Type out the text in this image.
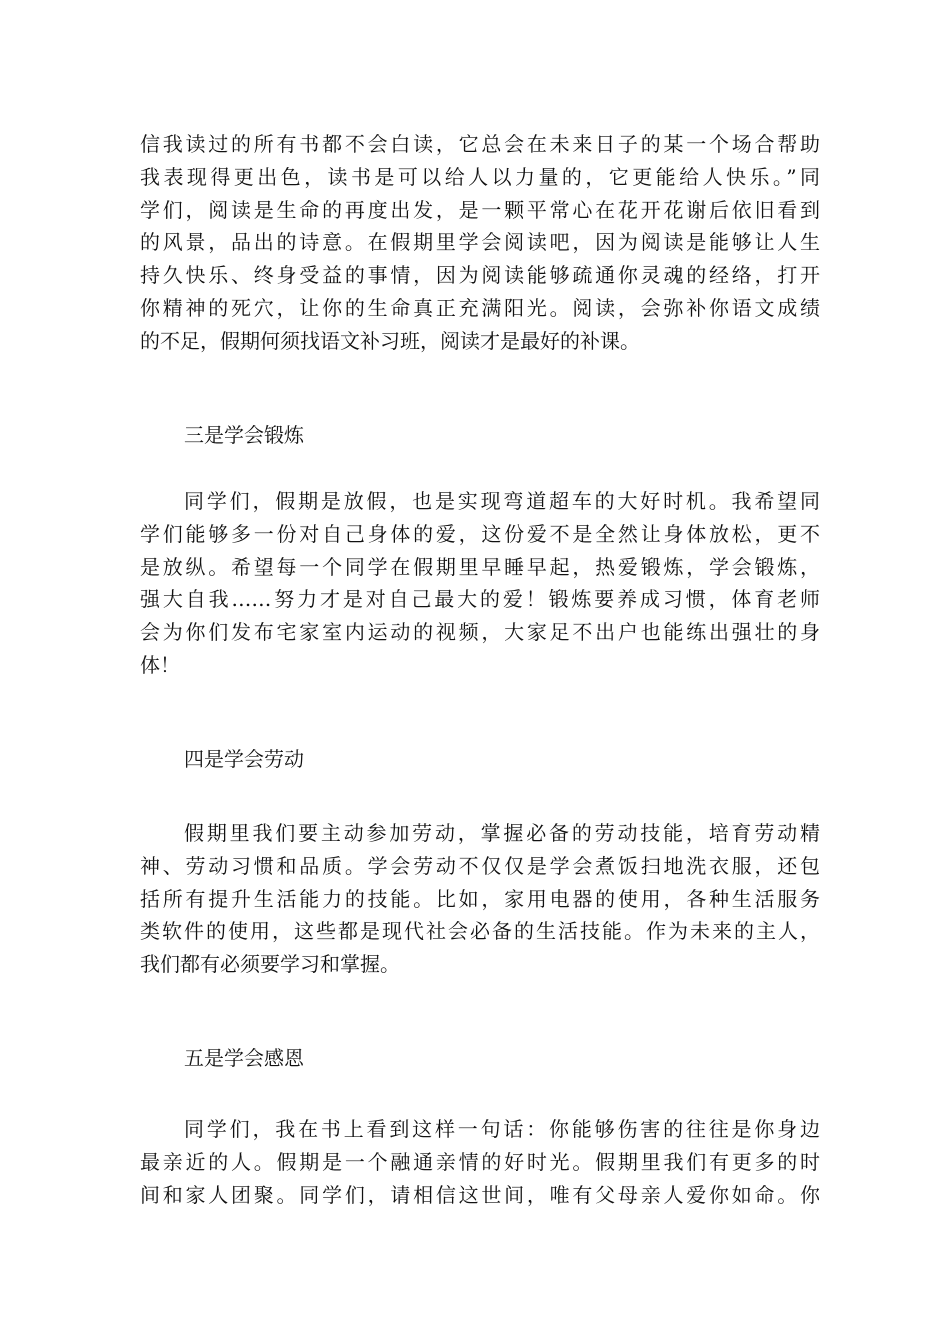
信我读过的所有书都不会白读，它总会在未来日子的某一个场合帮助
我表现得更出色，读书是可以给人以力量的，它更能给人快乐。”同
学们，阅读是生命的再度出发，是一颗平常心在花开花谢后依旧看到
的风景，品出的诗意。在假期里学会阅读吧，因为阅读是能够让人生
持久快乐、终身受益的事情，因为阅读能够疏通你灵魂的经络，打开
你精神的死穴，让你的生命真正充满阳光。阅读，会弥补你语文成绩
的不足，假期何须找语文补习班，阅读才是最好的补课。

三是学会锻炼

同学们，假期是放假，也是实现弯道超车的大好时机。我希望同
学们能够多一份对自己身体的爱，这份爱不是全然让身体放松，更不
是放纵。希望每一个同学在假期里早睡早起，热爱锻炼，学会锻炼，
强大自我……努力才是对自己最大的爱！锻炼要养成习惯，体育老师
会为你们发布宅家室内运动的视频，大家足不出户也能练出强壮的身
体！

四是学会劳动

假期里我们要主动参加劳动，掌握必备的劳动技能，培育劳动精
神、劳动习惯和品质。学会劳动不仅仅是学会煮饭扫地洗衣服，还包
括所有提升生活能力的技能。比如，家用电器的使用，各种生活服务
类软件的使用，这些都是现代社会必备的生活技能。作为未来的主人，
我们都有必须要学习和掌握。

五是学会感恩

同学们，我在书上看到这样一句话：你能够伤害的往往是你身边
最亲近的人。假期是一个融通亲情的好时光。假期里我们有更多的时
间和家人团聚。同学们，请相信这世间，唯有父母亲人爱你如命。你
